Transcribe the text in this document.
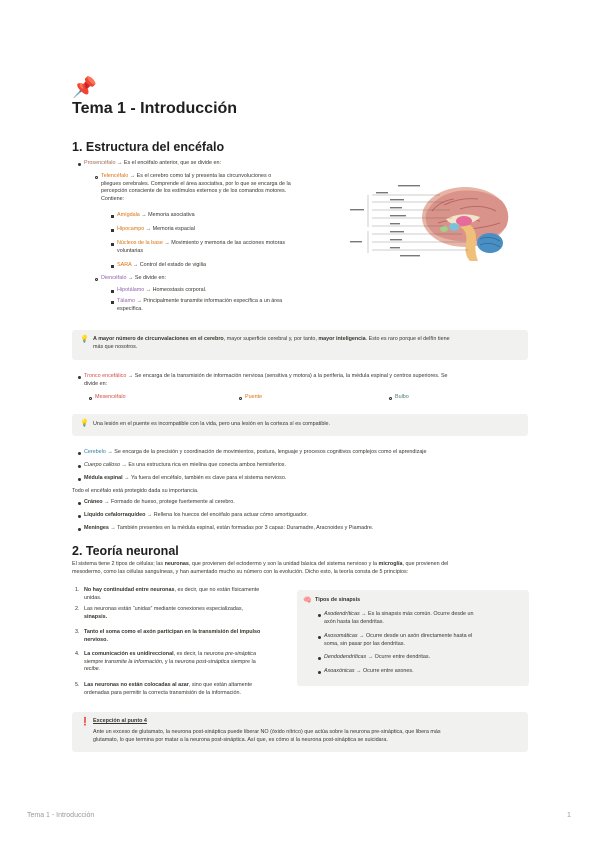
📌
Tema 1 - Introducción
1. Estructura del encéfalo
Prosencéfalo → Es el encéfalo anterior, que se divide en:
Telencéfalo → Es el cerebro como tal y presenta las circunvoluciones o
pliegues cerebrales. Comprende el área asociativa, por lo que se encarga de la
percepción consciente de los estímulos externos y de los comandos motores.
Contiene:
Amígdala → Memoria asociativa
Hipocampo → Memoria espacial
Núcleos de la base → Movimiento y memoria de las acciones motoras
voluntarias
SARA → Control del estado de vigilia
Diencéfalo → Se divide en:
Hipotálamo → Homeostasis corporal.
Tálamo → Principalmente transmite información específica a un área
específica.
💡 A mayor número de circunvalaciones en el cerebro, mayor superficie cerebral y, por tanto, mayor inteligencia. Esto es raro porque el delfín tiene
más que nosotros.
Tronco encefálico → Se encarga de la transmisión de información nerviosa (sensitiva y motora) a la periferia, la médula espinal y centros superiores. Se
divide en:
Mesencéfalo	Puente	Bulbo
💡 Una lesión en el puente es incompatible con la vida, pero una lesión en la corteza sí es compatible.
Cerebelo → Se encarga de la precisión y coordinación de movimientos, postura, lenguaje y procesos cognitivos complejos como el aprendizaje
Cuerpo calloso → Es una estructura rica en mielina que conecta ambos hemisferios.
Médula espinal → Ya fuera del encéfalo, también es clave para el sistema nervioso.
Todo el encéfalo está protegido dada su importancia.
Cráneo → Formado de hueso, protege fuertemente al cerebro.
Líquido cefalorraquídeo → Rellena los huecos del encéfalo para actuar cómo amortiguador.
Meninges → También presentes en la médula espinal, están formadas por 3 capas: Duramadre, Aracnoides y Piamadre.
2. Teoría neuronal
El sistema tiene 2 tipos de células; las neuronas, que provienen del ectodermo y son la unidad básica del sistema nervioso y la microglía, que provienen del
mesodermo, como las células sanguíneas, y han aumentado mucho su número con la evolución. Dicho esto, la teoría consta de 5 principios:
1. No hay continuidad entre neuronas, es decir, que no están físicamente
unidas.
2. Las neuronas están “unidas” mediante conexiones especializadas,
sinapsis.
3. Tanto el soma como el axón participan en la transmisión del impulso
nervioso.
4. La comunicación es unidireccional, es decir, la neurona pre-sináptica
siempre transmite la información, y la neurona post-sináptica siempre la
recibe.
5. Las neuronas no están colocadas al azar, sino que están altamente
ordenadas para permitir la correcta transmisión de la información.
🧠 Tipos de sinapsis
Axodendríticas → Es la sinapsis más común. Ocurre desde un
axón hasta las dendritas.
Axosomáticas → Ocurre desde un axón directamente hasta el
soma, sin pasar por las dendritas.
Dendodendríticas → Ocurre entre dendritas.
Axoaxónicas → Ocurre entre axones.
❗ Excepción al punto 4
Ante un exceso de glutamato, la neurona post-sináptica puede liberar NO (óxido nítrico) que actúa sobre la neurona pre-sináptica, que libera más
glutamato, lo que termina por matar a la neurona post-sináptica. Así que, es cómo si la neurona post-sináptica se suicidara.
Tema 1 - Introducción	1
